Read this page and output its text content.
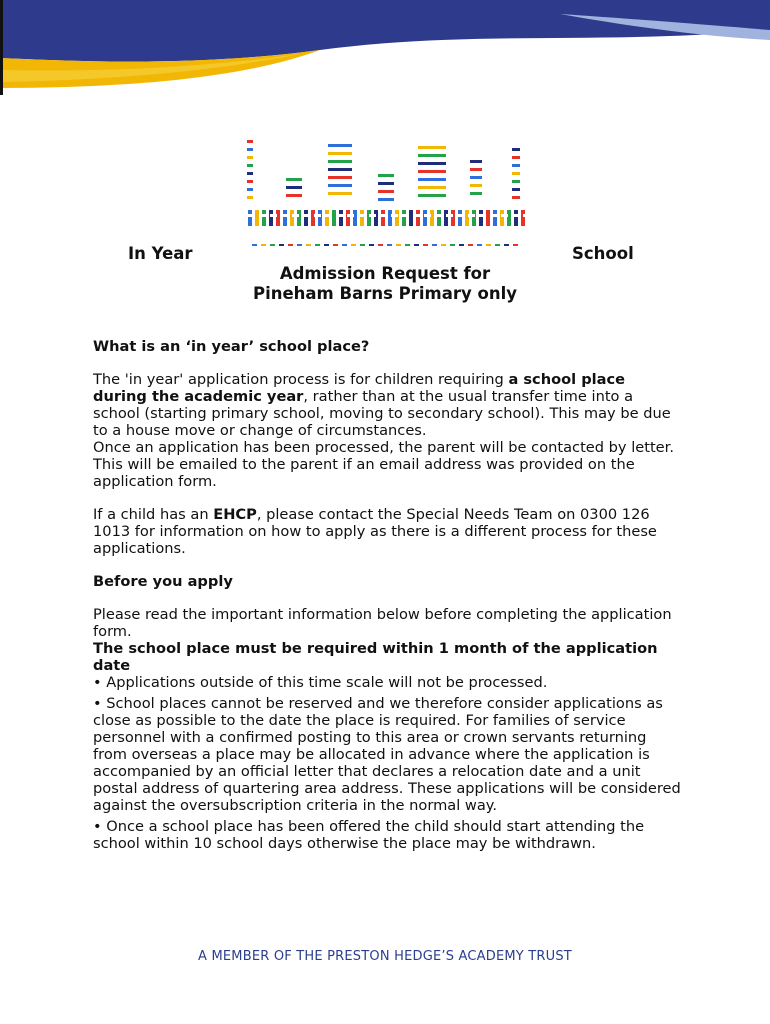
In Year	School
Admission Request for
Pineham Barns Primary only

What is an ‘in year’ school place?

The 'in year' application process is for children requiring a school place during the academic year, rather than at the usual transfer time into a school (starting primary school, moving to secondary school). This may be due to a house move or change of circumstances.

Once an application has been processed, the parent will be contacted by letter. This will be emailed to the parent if an email address was provided on the application form.

If a child has an EHCP, please contact the Special Needs Team on 0300 126 1013 for information on how to apply as there is a different process for these applications.

Before you apply

Please read the important information below before completing the application form.

The school place must be required within 1 month of the application date

• Applications outside of this time scale will not be processed.

• School places cannot be reserved and we therefore consider applications as close as possible to the date the place is required. For families of service personnel with a confirmed posting to this area or crown servants returning from overseas a place may be allocated in advance where the application is accompanied by an official letter that declares a relocation date and a unit postal address of quartering area address. These applications will be considered against the oversubscription criteria in the normal way.

• Once a school place has been offered the child should start attending the school within 10 school days otherwise the place may be withdrawn.

A MEMBER OF THE PRESTON HEDGE’S ACADEMY TRUST
